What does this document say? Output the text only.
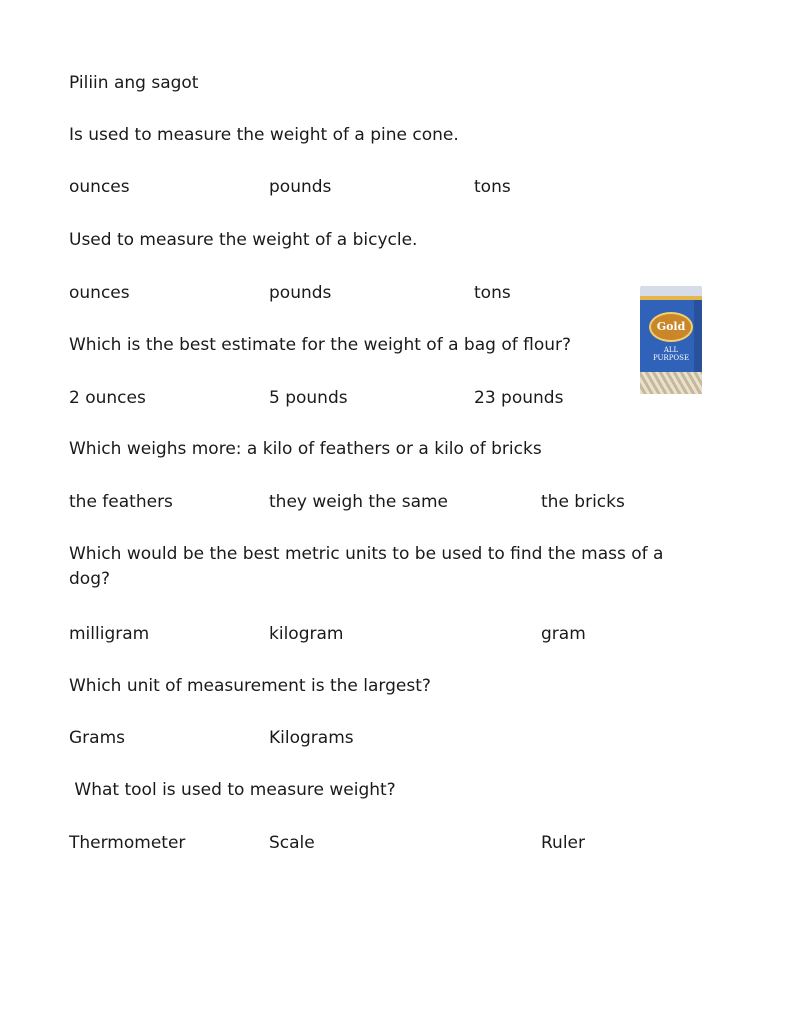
Piliin ang sagot
Is used to measure the weight of a pine cone.
ounces	pounds	tons
Used to measure the weight of a bicycle.
ounces	pounds	tons
Which is the best estimate for the weight of a bag of flour?
2 ounces	5 pounds	23 pounds
Which weighs more: a kilo of feathers or a kilo of bricks
the feathers	they weigh the same	the bricks
Which would be the best metric units to be used to find the mass of a dog?
milligram	kilogram	gram
Which unit of measurement is the largest?
Grams	Kilograms
What tool is used to measure weight?
Thermometer	Scale	Ruler
Gold
ALL PURPOSE
